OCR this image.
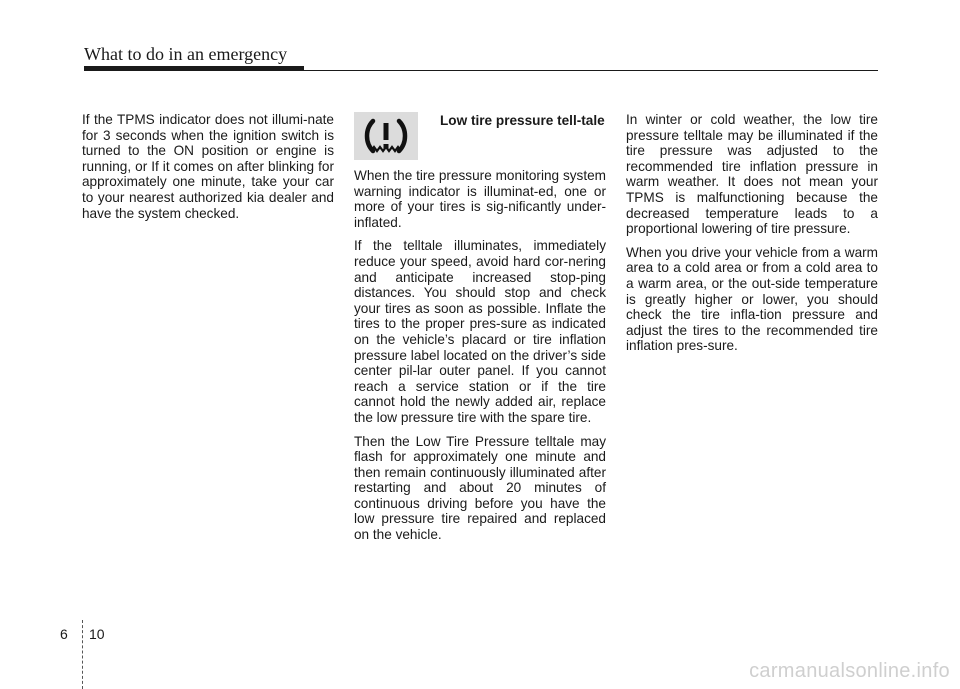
What to do in an emergency

If the TPMS indicator does not illumi-nate for 3 seconds when the ignition switch is turned to the ON position or engine is running, or If it comes on after blinking for approximately one minute, take your car to your nearest authorized kia dealer and have the system checked.

Low tire pressure tell-tale

When the tire pressure monitoring system warning indicator is illuminat-ed, one or more of your tires is sig-nificantly under-inflated.

If the telltale illuminates, immediately reduce your speed, avoid hard cor-nering and anticipate increased stop-ping distances. You should stop and check your tires as soon as possible. Inflate the tires to the proper pres-sure as indicated on the vehicle’s placard or tire inflation pressure label located on the driver’s side center pil-lar outer panel. If you cannot reach a service station or if the tire cannot hold the newly added air, replace the low pressure tire with the spare tire.

Then the Low Tire Pressure telltale may flash for approximately one minute and then remain continuously illuminated after restarting and about 20 minutes of continuous driving before you have the low pressure tire repaired and replaced on the vehicle.

In winter or cold weather, the low tire pressure telltale may be illuminated if the tire pressure was adjusted to the recommended tire inflation pressure in warm weather. It does not mean your TPMS is malfunctioning because the decreased temperature leads to a proportional lowering of tire pressure.

When you drive your vehicle from a warm area to a cold area or from a cold area to a warm area, or the out-side temperature is greatly higher or lower, you should check the tire infla-tion pressure and adjust the tires to the recommended tire inflation pres-sure.

6 10
carmanualsonline.info
